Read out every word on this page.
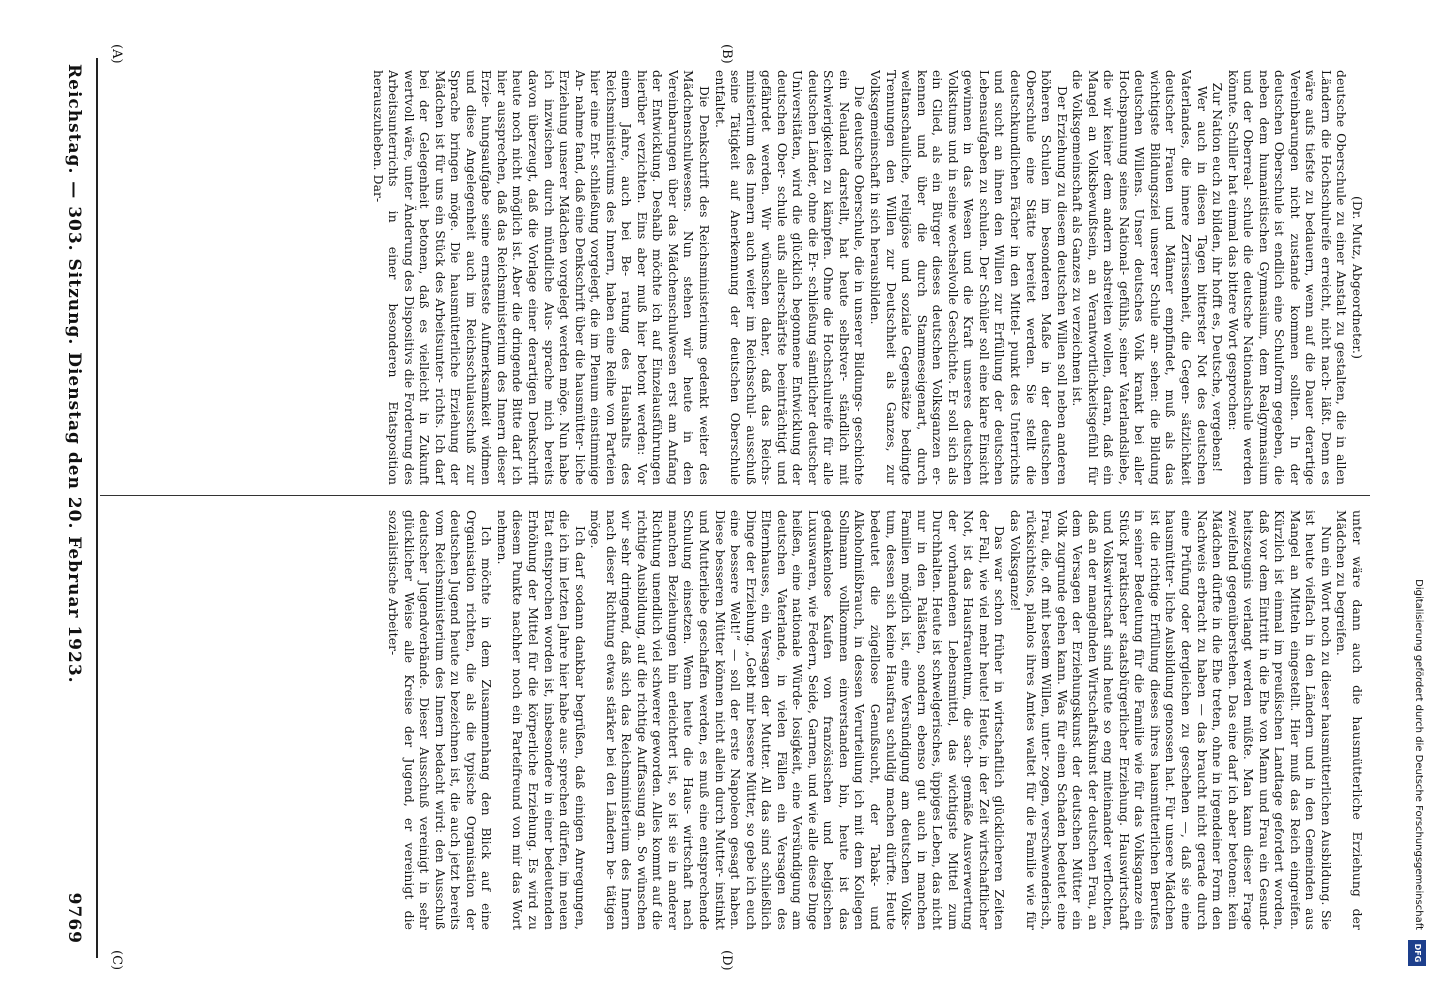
Reichstag. — 303. Sitzung. Dienstag den 20. Februar 1923.
9769
(A)	(B)
(C)	(D)

(Dr. Mutz, Abgeordneter.)

deutsche Oberschule zu einer Anstalt zu gestalten, die in allen Ländern die Hochschulreife erreicht, nicht nach- läßt. Denn es wäre aufs tiefste zu bedauern, wenn auf die Dauer derartige Vereinbarungen nicht zustande kommen sollten. In der deutschen Oberschule ist endlich eine Schulform gegeben, die neben dem humanistischen Gymnasium, dem Realgymnasium und der Oberreal- schule die deutsche Nationalschule werden könnte. Schiller hat einmal das bittere Wort gesprochen:

Zur Nation euch zu bilden, ihr hofft es, Deutsche, vergebens!

Wer auch in diesen Tagen bitterster Not des deutschen Vaterlandes, die innere Zerrissenheit, die Gegen- sätzlichkeit deutscher Frauen und Männer empfindet, muß als das wichtigste Bildungsziel unserer Schule an- sehen: die Bildung deutschen Willens. Unser deutsches Volk krankt bei aller Hochspannung seines National- gefühls, seiner Vaterlandsliebe, die wir keiner dem andern abstreiten wollen, daran, daß ein Mangel an Volksbewußtsein, an Verantwortlichkeitsgefühl für die Volksgemeinschaft als Ganzes zu verzeichnen ist.

Der Erziehung zu diesem deutschen Willen soll neben anderen höheren Schulen im besonderen Maße in der deutschen Oberschule eine Stätte bereitet werden. Sie stellt die deutschkundlichen Fächer in den Mittel- punkt des Unterrichts und sucht an ihnen den Willen zur Erfüllung der deutschen Lebensaufgaben zu schulen. Der Schüler soll eine klare Einsicht gewinnen in das Wesen und die Kraft unseres deutschen Volkstums und in seine wechselvolle Geschichte. Er soll sich als ein Glied, als ein Bürger dieses deutschen Volksganzen er- kennen und über die durch Stammeseigenart, durch weltanschauliche, religiöse und soziale Gegensätze bedingte Trennungen den Willen zur Deutschheit als Ganzes, zur Volksgemeinschaft in sich herausbilden.

Die deutsche Oberschule, die in unserer Bildungs- geschichte ein Neuland darstellt, hat heute selbstver- ständlich mit Schwierigkeiten zu kämpfen. Ohne die Hochschulreife für alle deutschen Länder, ohne die Er- schließung sämtlicher deutscher Universitäten, wird die glücklich begonnene Entwicklung der deutschen Ober- schule aufs allerschärfste beeinträchtigt und gefährdet werden. Wir wünschen daher, daß das Reichs- ministerium des Innern auch weiter im Reichsschul- ausschuß seine Tätigkeit auf Anerkennung der deutschen Oberschule entfaltet.

Die Denkschrift des Reichsministeriums gedenkt weiter des Mädchenschulwesens. Nun stehen wir heute in den Vereinbarungen über das Mädchenschulwesen erst am Anfang der Entwicklung. Deshalb möchte ich auf Einzelausführungen hierüber verzichten. Eins aber muß hier betont werden: Vor einem Jahre, auch bei Be- ratung des Haushalts des Reichsministeriums des Innern, haben eine Reihe von Parteien hier eine Ent- schließung vorgelegt, die im Plenum einstimmige An- nahme fand, daß eine Denkschrift über die hausmütter- liche Erziehung unserer Mädchen vorgelegt werden möge. Nun habe ich inzwischen durch mündliche Aus- sprache mich bereits davon überzeugt, daß die Vorlage einer derartigen Denkschrift heute noch nicht möglich ist. Aber die dringende Bitte darf ich hier aussprechen, daß das Reichsministerium des Innern dieser Erzie- hungsaufgabe seine ernsteste Aufmerksamkeit widmen und diese Angelegenheit auch im Reichsschulausschuß zur Sprache bringen möge. Die hausmütterliche Erziehung der Mädchen ist für uns ein Stück des Arbeitsunter- richts. Ich darf bei der Gelegenheit betonen, daß es vielleicht in Zukunft wertvoll wäre, unter Änderung des Dispositivs die Forderung des Arbeitsunterrichts in einer besonderen Etatsposition herauszuheben. Dar-

unter wäre dann auch die hausmütterliche Erziehung der Mädchen zu begreifen.

Nun ein Wort noch zu dieser hausmütterlichen Ausbildung. Sie ist heute vielfach in den Ländern und in den Gemeinden aus Mangel an Mitteln eingestellt. Hier muß das Reich eingreifen. Kürzlich ist einmal im preußischen Landtage gefordert worden, daß vor dem Eintritt in die Ehe von Mann und Frau ein Gesund- heitszeugnis verlangt werden müßte. Man kann dieser Frage zweifelnd gegenüberstehen. Das eine darf ich aber betonen: kein Mädchen dürfte in die Ehe treten, ohne in irgendeiner Form den Nachweis erbracht zu haben — das braucht nicht gerade durch eine Prüfung oder dergleichen zu geschehen —, daß sie eine hausmütter- liche Ausbildung genossen hat. Für unsere Mädchen ist die richtige Erfüllung dieses ihres hausmütterlichen Berufes in seiner Bedeutung für die Familie wie für das Volksganze ein Stück praktischer staatsbürgerlicher Erziehung. Hauswirtschaft und Volkswirtschaft sind heute so eng miteinander verflochten, daß an der mangelnden Wirtschaftskunst der deutschen Frau, an dem Versagen der Erziehungskunst der deutschen Mütter ein Volk zugrunde gehen kann. Was für einen Schaden bedeutet eine Frau, die, oft mit bestem Willen, unter- zogen, verschwenderisch, rücksichtslos, planlos ihres Amtes waltet für die Familie wie für das Volksganze!

Das war schon früher in wirtschaftlich glücklicheren Zeiten der Fall, wie viel mehr heute! Heute, in der Zeit wirtschaftlicher Not, ist das Hausfrauentum, die sach- gemäße Ausverwertung der vorhandenen Lebensmittel, das wichtigste Mittel zum Durchhalten. Heute ist schwelgerisches, üppiges Leben, das nicht nur in den Palästen, sondern ebenso gut auch in manchen Familien möglich ist, eine Versündigung am deutschen Volks- tum, dessen sich keine Hausfrau schuldig machen dürfte. Heute bedeutet die zügellose Genußsucht, der Tabak- und Alkoholmißbrauch, in dessen Verurteilung ich mit dem Kollegen Sollmann vollkommen einverstanden bin, heute ist das gedankenlose Kaufen von französischen und belgischen Luxuswaren, wie Federn, Seide, Garnen, und wie alle diese Dinge heißen, eine nationale Würde- losigkeit, eine Versündigung am deutschen Vaterlande, in vielen Fällen ein Versagen des Elternhauses, ein Versagen der Mutter. All das sind schließlich Dinge der Erziehung. „Gebt mir bessere Mütter, so gebe ich euch eine bessere Welt!“ — soll der erste Napoleon gesagt haben. Diese besseren Mütter können nicht allein durch Mutter- instinkt und Mutterliebe geschaffen werden, es muß eine entsprechende Schulung einsetzen. Wenn heute die Haus- wirtschaft nach manchen Beziehungen hin erleichtert ist, so ist sie in anderer Richtung unendlich viel schwerer geworden. Alles kommt auf die richtige Ausbildung, auf die richtige Auffassung an. So wünschen wir sehr dringend, daß sich das Reichsministerium des Innern nach dieser Richtung etwas stärker bei den Ländern be- tätigen möge.

Ich darf sodann dankbar begrüßen, daß einigen Anregungen, die ich im letzten Jahre hier habe aus- sprechen dürfen, im neuen Etat entsprochen worden ist, insbesondere in einer bedeutenden Erhöhung der Mittel für die körperliche Erziehung. Es wird zu diesem Punkte nachher noch ein Parteifreund von mir das Wort nehmen.

Ich möchte in dem Zusammenhang den Blick auf eine Organisation richten, die als die typische Organisation der deutschen Jugend heute zu bezeichnen ist, die auch jetzt bereits vom Reichsministerium des Innern bedacht wird: den Ausschuß deutscher Jugendverbände. Dieser Ausschuß vereinigt in sehr glücklicher Weise alle Kreise der Jugend, er vereinigt die sozialistische Arbeiter-

DFG
Digitalisierung gefördert durch die Deutsche Forschungsgemeinschaft
